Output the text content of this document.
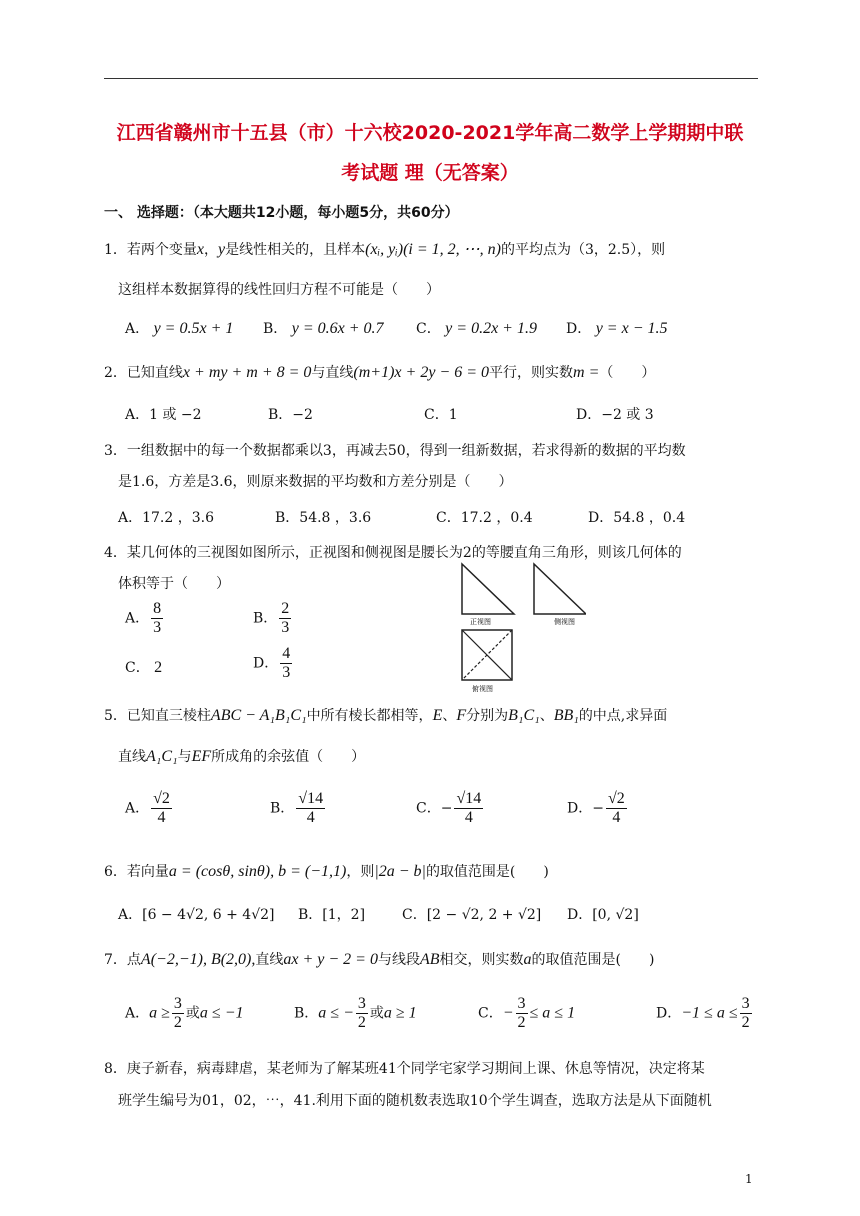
江西省赣州市十五县（市）十六校2020-2021学年高二数学上学期期中联
考试题 理（无答案）
一、 选择题：（本大题共12小题，每小题5分，共60分）
1．若两个变量x，y是线性相关的，且样本(xᵢ, yᵢ)(i = 1, 2, ⋯, n)的平均点为（3，2.5），则
这组样本数据算得的线性回归方程不可能是（　　）
A． y = 0.5x + 1 B． y = 0.6x + 0.7 C． y = 0.2x + 1.9 D． y = x − 1.5
2．已知直线x + my + m + 8 = 0与直线(m+1)x + 2y − 6 = 0平行，则实数m =（　　）
A．1 或 −2	B．−2	C．1	D．−2 或 3
3．一组数据中的每一个数据都乘以3，再减去50，得到一组新数据，若求得新的数据的平均数
是1.6，方差是3.6，则原来数据的平均数和方差分别是（　　）
A．17.2 ，3.6	B．54.8 ，3.6	C．17.2 ，0.4	D．54.8 ，0.4
4．某几何体的三视图如图所示，正视图和侧视图是腰长为2的等腰直角三角形，则该几何体的
体积等于（　　）
A． $\frac{8}{3}$	B． $\frac{2}{3}$
C． 2	D． $\frac{4}{3}$
正视图	侧视图
俯视图
5．已知直三棱柱ABC − A₁B₁C₁中所有棱长都相等，E、F分别为B₁C₁、BB₁的中点,求异面
直线A₁C₁与EF所成角的余弦值（　　）
A． $\frac{√2}{4}$	B． $\frac{√14}{4}$	C．− $\frac{√14}{4}$	D．− $\frac{√2}{4}$
6．若向量a = (cosθ, sinθ), b = (−1,1)，则|2a − b|的取值范围是(　　)
A．[6 − 4√2, 6 + 4√2] B．[1，2]	C．[2 − √2, 2 + √2] D．[0, √2]
7．点A(−2,−1), B(2,0),直线ax + y − 2 = 0与线段AB相交，则实数a的取值范围是(　　)
A．$a \ge \frac{3}{2}$ 或a ≤ −1	B．a ≤ − $\frac{3}{2}$ 或a ≥ 1	C．− $\frac{3}{2} \le a \le 1$	D．$-1 \le a \le \frac{3}{2}$
8．庚子新春，病毒肆虐，某老师为了解某班41个同学宅家学习期间上课、休息等情况，决定将某
班学生编号为01，02，⋯，41.利用下面的随机数表选取10个学生调查，选取方法是从下面随机
1
